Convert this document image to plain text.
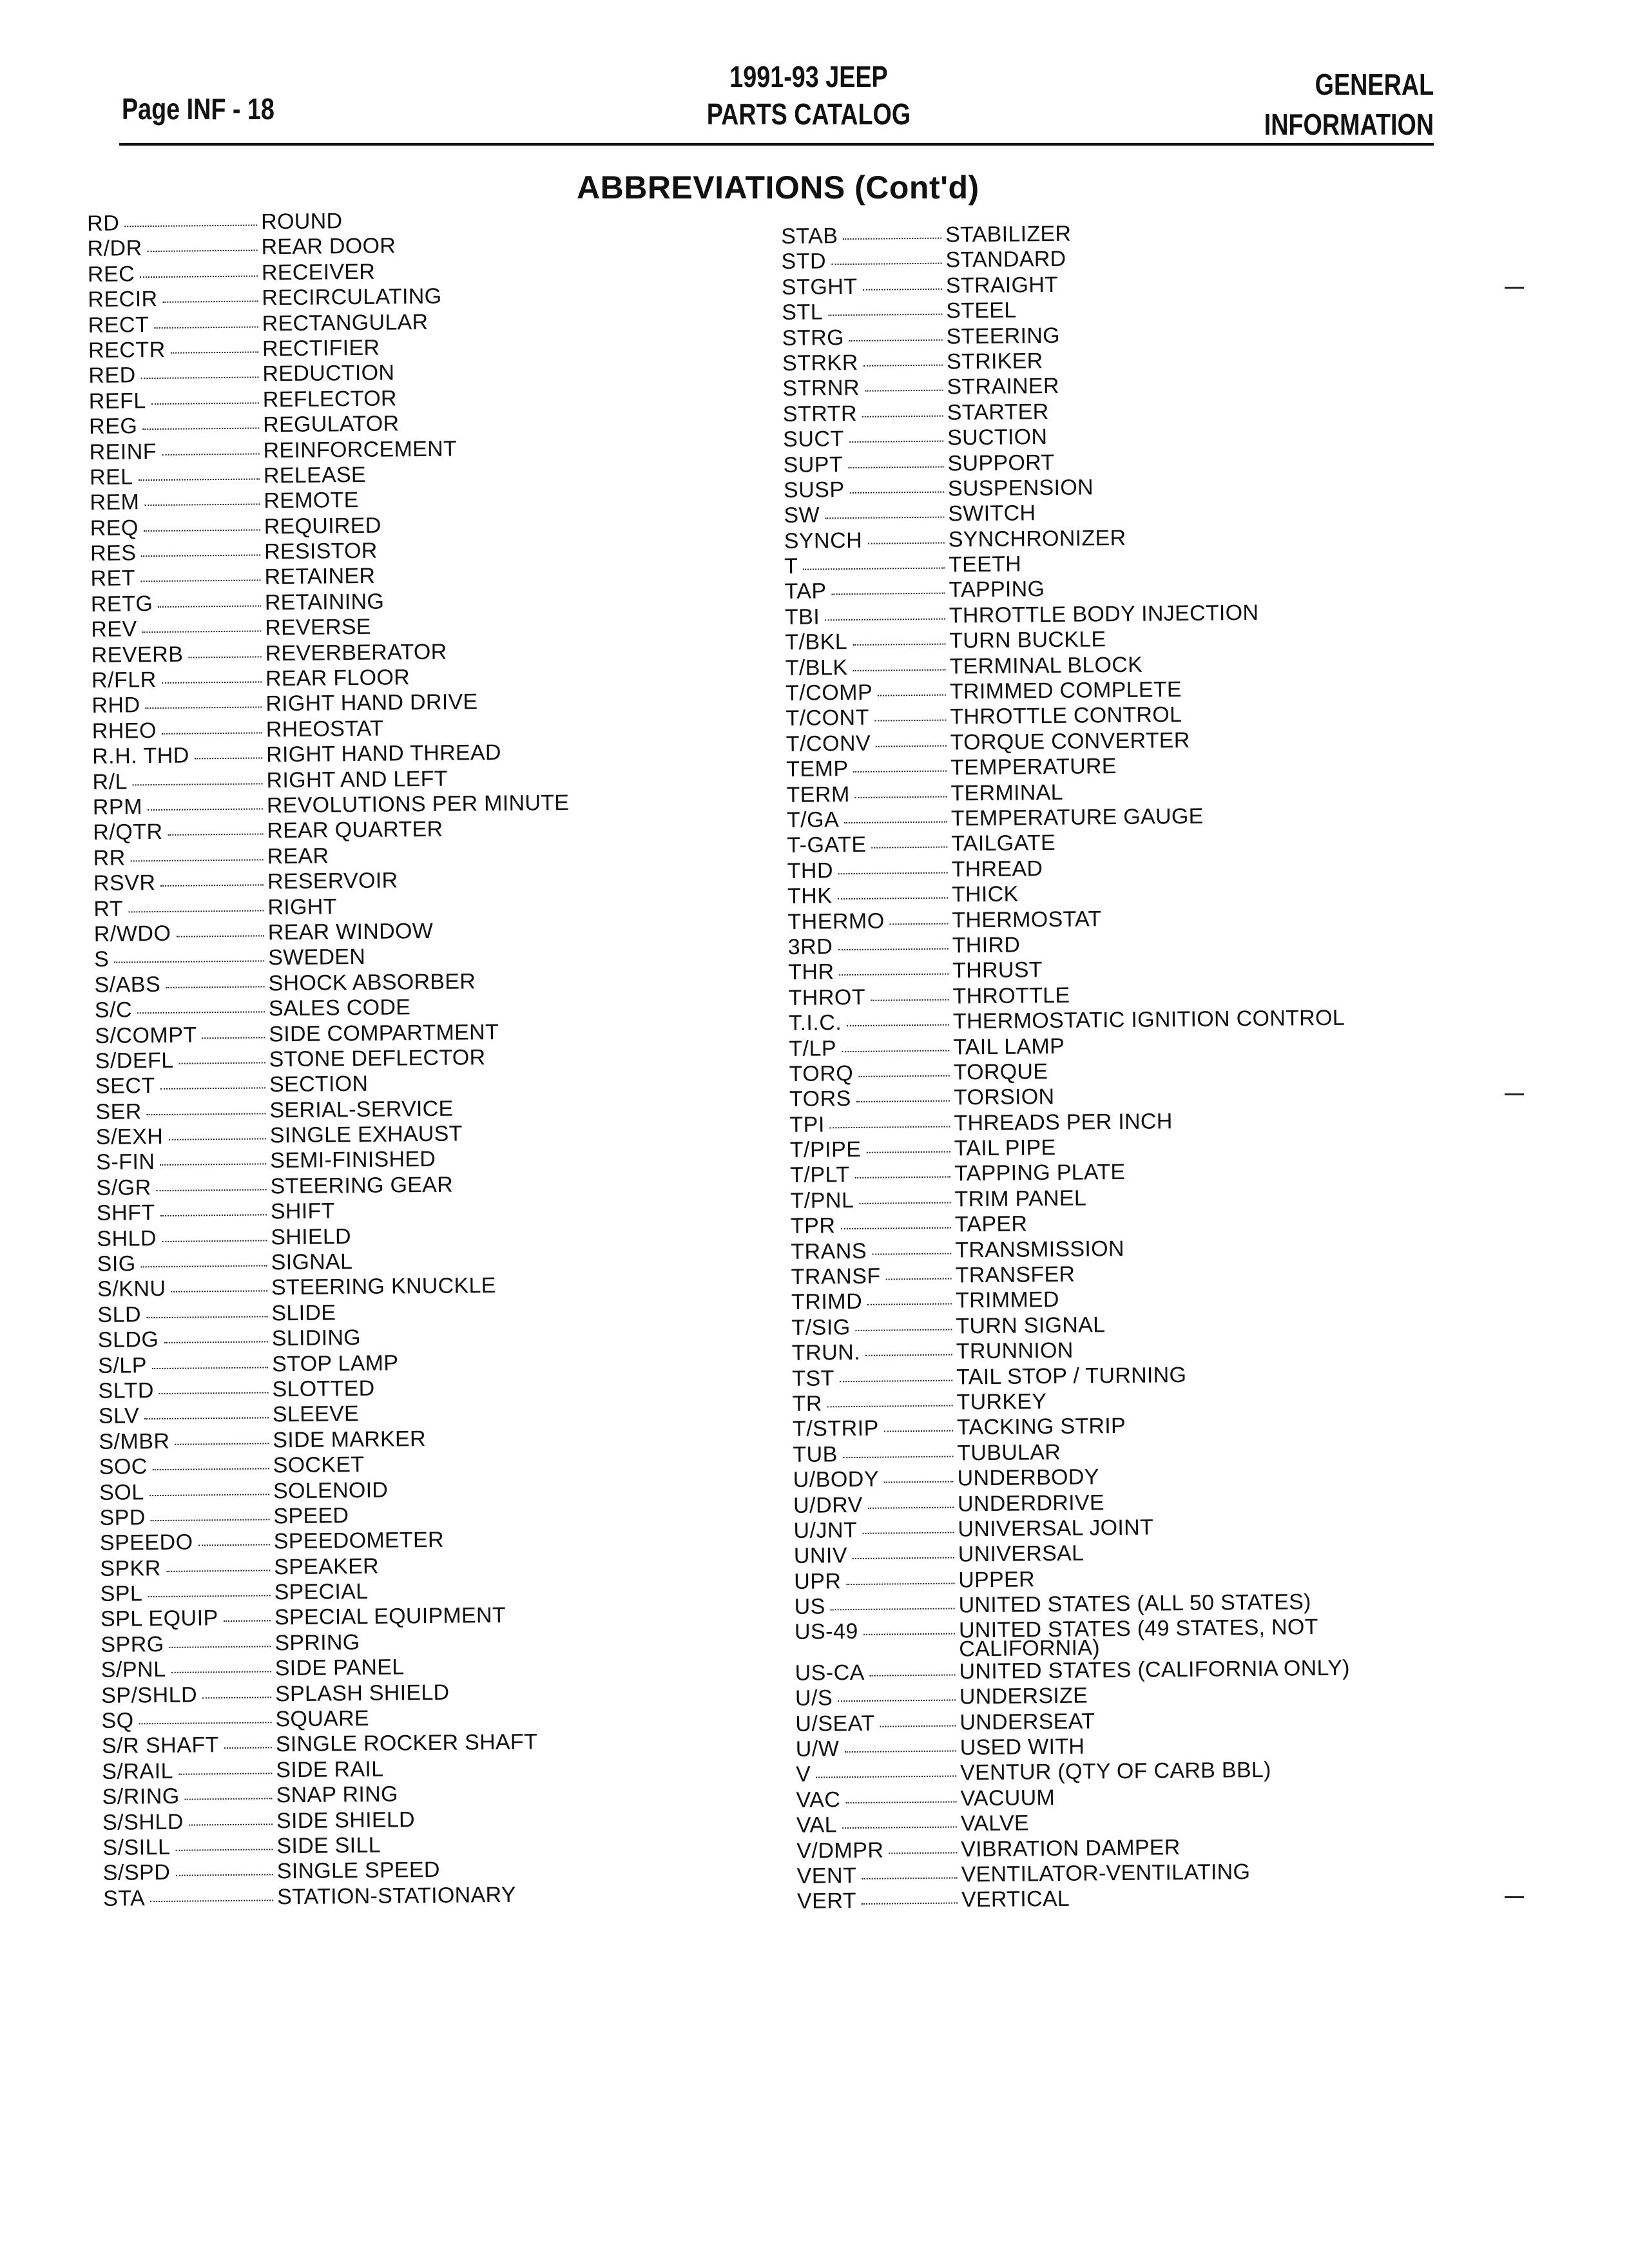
Page INF - 18
1991-93 JEEP
PARTS CATALOG
GENERAL
INFORMATION
ABBREVIATIONS (Cont'd)
RD	ROUND
R/DR	REAR DOOR
REC	RECEIVER
RECIR	RECIRCULATING
RECT	RECTANGULAR
RECTR	RECTIFIER
RED	REDUCTION
REFL	REFLECTOR
REG	REGULATOR
REINF	REINFORCEMENT
REL	RELEASE
REM	REMOTE
REQ	REQUIRED
RES	RESISTOR
RET	RETAINER
RETG	RETAINING
REV	REVERSE
REVERB	REVERBERATOR
R/FLR	REAR FLOOR
RHD	RIGHT HAND DRIVE
RHEO	RHEOSTAT
R.H. THD	RIGHT HAND THREAD
R/L	RIGHT AND LEFT
RPM	REVOLUTIONS PER MINUTE
R/QTR	REAR QUARTER
RR	REAR
RSVR	RESERVOIR
RT	RIGHT
R/WDO	REAR WINDOW
S	SWEDEN
S/ABS	SHOCK ABSORBER
S/C	SALES CODE
S/COMPT	SIDE COMPARTMENT
S/DEFL	STONE DEFLECTOR
SECT	SECTION
SER	SERIAL-SERVICE
S/EXH	SINGLE EXHAUST
S-FIN	SEMI-FINISHED
S/GR	STEERING GEAR
SHFT	SHIFT
SHLD	SHIELD
SIG	SIGNAL
S/KNU	STEERING KNUCKLE
SLD	SLIDE
SLDG	SLIDING
S/LP	STOP LAMP
SLTD	SLOTTED
SLV	SLEEVE
S/MBR	SIDE MARKER
SOC	SOCKET
SOL	SOLENOID
SPD	SPEED
SPEEDO	SPEEDOMETER
SPKR	SPEAKER
SPL	SPECIAL
SPL EQUIP	SPECIAL EQUIPMENT
SPRG	SPRING
S/PNL	SIDE PANEL
SP/SHLD	SPLASH SHIELD
SQ	SQUARE
S/R SHAFT	SINGLE ROCKER SHAFT
S/RAIL	SIDE RAIL
S/RING	SNAP RING
S/SHLD	SIDE SHIELD
S/SILL	SIDE SILL
S/SPD	SINGLE SPEED
STA	STATION-STATIONARY
STAB	STABILIZER
STD	STANDARD
STGHT	STRAIGHT
STL	STEEL
STRG	STEERING
STRKR	STRIKER
STRNR	STRAINER
STRTR	STARTER
SUCT	SUCTION
SUPT	SUPPORT
SUSP	SUSPENSION
SW	SWITCH
SYNCH	SYNCHRONIZER
T	TEETH
TAP	TAPPING
TBI	THROTTLE BODY INJECTION
T/BKL	TURN BUCKLE
T/BLK	TERMINAL BLOCK
T/COMP	TRIMMED COMPLETE
T/CONT	THROTTLE CONTROL
T/CONV	TORQUE CONVERTER
TEMP	TEMPERATURE
TERM	TERMINAL
T/GA	TEMPERATURE GAUGE
T-GATE	TAILGATE
THD	THREAD
THK	THICK
THERMO	THERMOSTAT
3RD	THIRD
THR	THRUST
THROT	THROTTLE
T.I.C.	THERMOSTATIC IGNITION CONTROL
T/LP	TAIL LAMP
TORQ	TORQUE
TORS	TORSION
TPI	THREADS PER INCH
T/PIPE	TAIL PIPE
T/PLT	TAPPING PLATE
T/PNL	TRIM PANEL
TPR	TAPER
TRANS	TRANSMISSION
TRANSF	TRANSFER
TRIMD	TRIMMED
T/SIG	TURN SIGNAL
TRUN.	TRUNNION
TST	TAIL STOP / TURNING
TR	TURKEY
T/STRIP	TACKING STRIP
TUB	TUBULAR
U/BODY	UNDERBODY
U/DRV	UNDERDRIVE
U/JNT	UNIVERSAL JOINT
UNIV	UNIVERSAL
UPR	UPPER
US	UNITED STATES (ALL 50 STATES)
US-49	UNITED STATES (49 STATES, NOT
CALIFORNIA)
US-CA	UNITED STATES (CALIFORNIA ONLY)
U/S	UNDERSIZE
U/SEAT	UNDERSEAT
U/W	USED WITH
V	VENTUR (QTY OF CARB BBL)
VAC	VACUUM
VAL	VALVE
V/DMPR	VIBRATION DAMPER
VENT	VENTILATOR-VENTILATING
VERT	VERTICAL
